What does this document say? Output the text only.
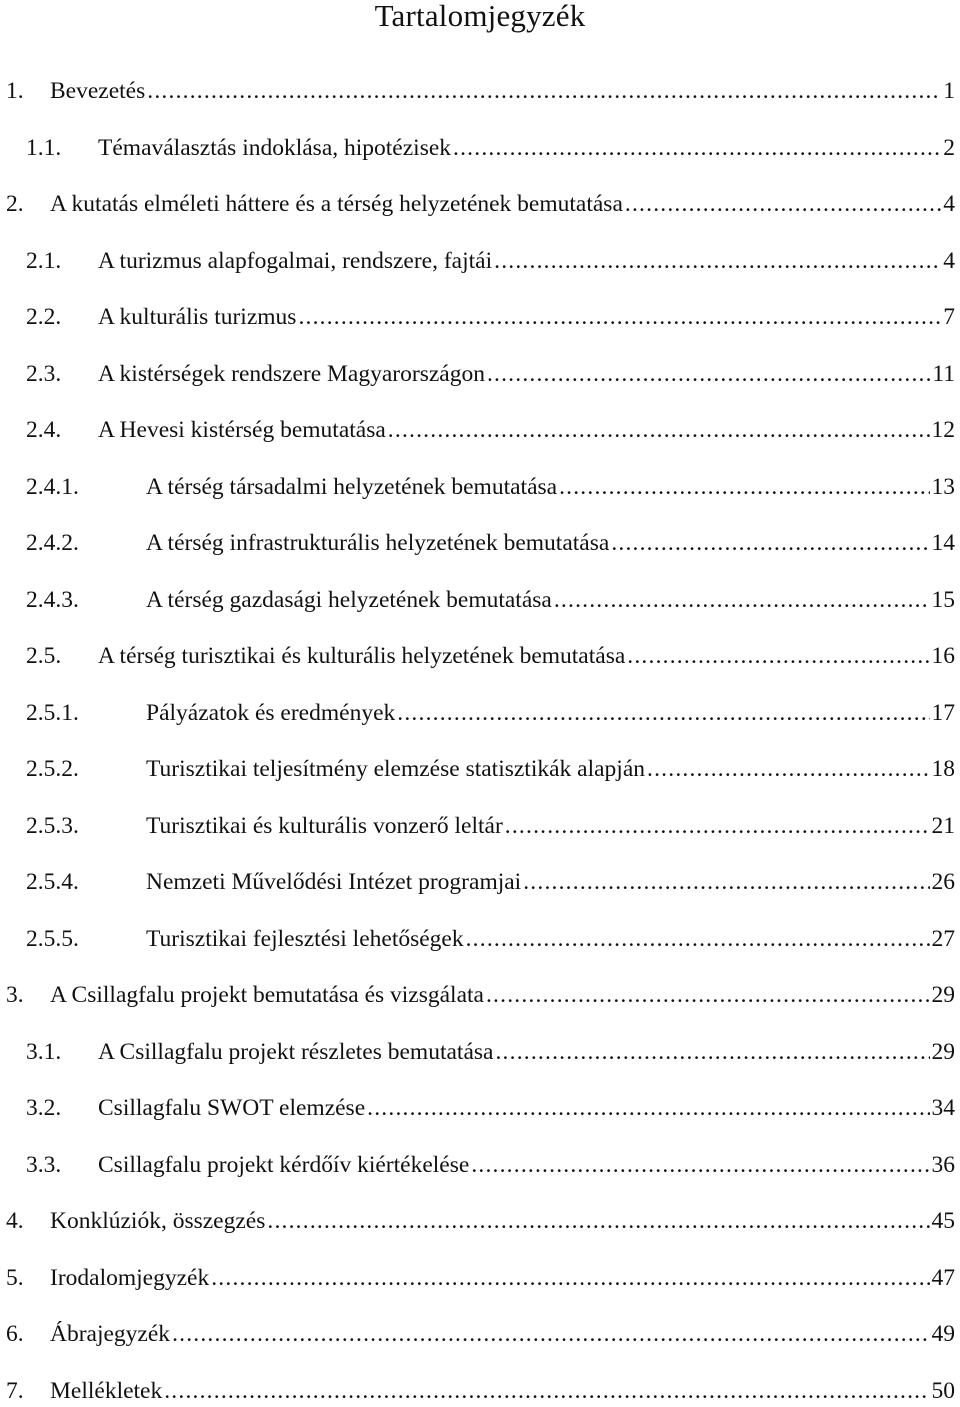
Tartalomjegyzék
1.	Bevezetés .....	1
1.1.	Témaválasztás indoklása, hipotézisek .....	2
2.	A kutatás elméleti háttere és a térség helyzetének bemutatása .....	4
2.1.	A turizmus alapfogalmai, rendszere, fajtái .....	4
2.2.	A kulturális turizmus .....	7
2.3.	A kistérségek rendszere Magyarországon .....	11
2.4.	A Hevesi kistérség bemutatása .....	12
2.4.1.	A térség társadalmi helyzetének bemutatása .....	13
2.4.2.	A térség infrastrukturális helyzetének bemutatása .....	14
2.4.3.	A térség gazdasági helyzetének bemutatása .....	15
2.5.	A térség turisztikai és kulturális helyzetének bemutatása .....	16
2.5.1.	Pályázatok és eredmények .....	17
2.5.2.	Turisztikai teljesítmény elemzése statisztikák alapján .....	18
2.5.3.	Turisztikai és kulturális vonzerő leltár .....	21
2.5.4.	Nemzeti Művelődési Intézet programjai .....	26
2.5.5.	Turisztikai fejlesztési lehetőségek .....	27
3.	A Csillagfalu projekt bemutatása és vizsgálata .....	29
3.1.	A Csillagfalu projekt részletes bemutatása .....	29
3.2.	Csillagfalu SWOT elemzése .....	34
3.3.	Csillagfalu projekt kérdőív kiértékelése .....	36
4.	Konklúziók, összegzés .....	45
5.	Irodalomjegyzék .....	47
6.	Ábrajegyzék .....	49
7.	Mellékletek .....	50
